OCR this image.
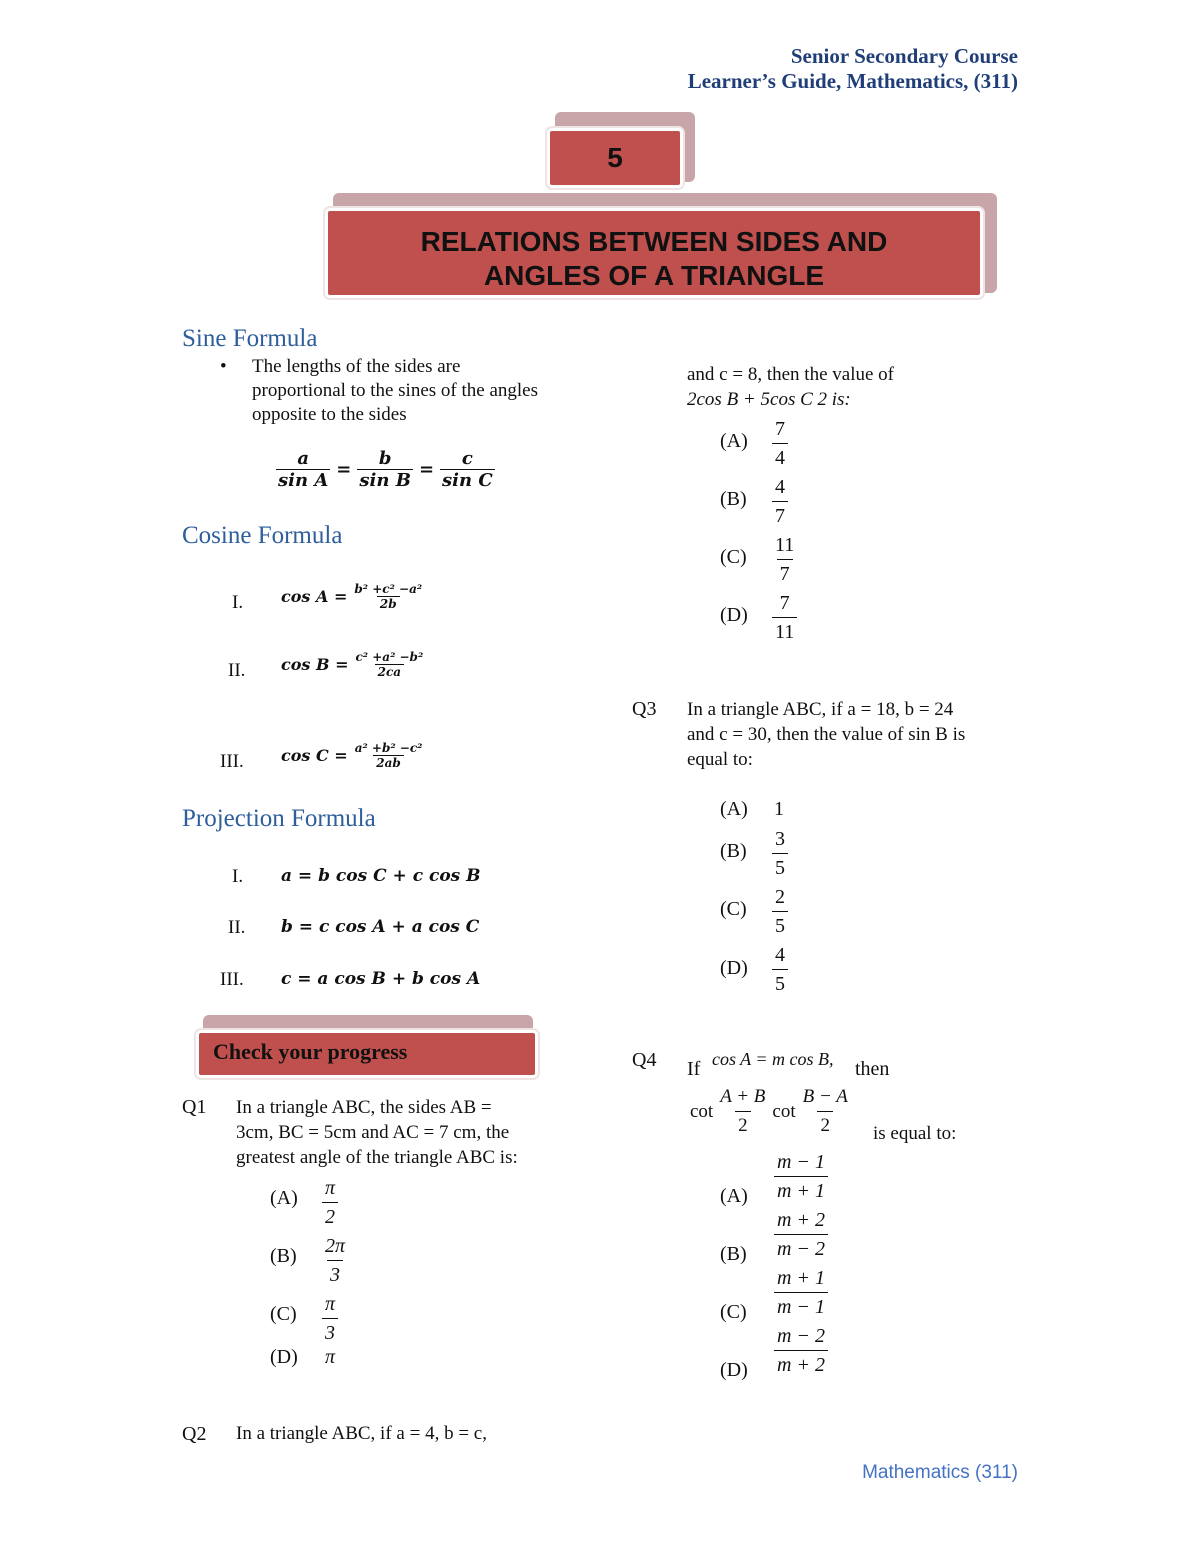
Senior Secondary Course
Learner’s Guide, Mathematics, (311)
5
RELATIONS BETWEEN SIDES AND
ANGLES OF A TRIANGLE
Sine Formula
• The lengths of the sides are
proportional to the sines of the angles
opposite to the sides
$\frac{a}{\text{sin A}} = \frac{b}{\text{sin B}} = \frac{c}{\text{sin C}}$
Cosine Formula
I. $\cos A = \frac{\text{b² +c² −a²}}{2b}$
II. $\cos B = \frac{\text{c² +a² −b²}}{2ca}$
III. $\cos C = \frac{\text{a² +b² −c²}}{2ab}$
Projection Formula
I. a = b cos C + c cos B
II. b = c cos A + a cos C
III. c = a cos B + b cos A
Check your progress
Q1 In a triangle ABC, the sides AB =
3cm, BC = 5cm and AC = 7 cm, the
greatest angle of the triangle ABC is:
$(A) \frac{\pi}{2}$
$(B) \frac{2\pi}{3}$
$(C) \frac{\pi}{3}$
(D) π
Q2 In a triangle ABC, if a = 4, b = c,
and c = 8, then the value of
2cos B + 5cos C 2 is:
$(A) \frac{7}{4}$
$(B) \frac{4}{7}$
$(C) \frac{11}{7}$
$(D) \frac{7}{11}$
Q3 In a triangle ABC, if a = 18, b = 24
and c = 30, then the value of sin B is
equal to:
(A) 1
$(B) \frac{3}{5}$
$(C) \frac{2}{5}$
$(D) \frac{4}{5}$
Q4 If cos A = m cos B, then
$\cot \frac{A + B}{2}$ $\cot \frac{B - A}{2}$ is equal to:
$(A) \frac{m - 1}{m + 1}$
$(B) \frac{m + 2}{m - 2}$
$(C) \frac{m + 1}{m - 1}$
$(D) \frac{m - 2}{m + 2}$
Mathematics (311)
